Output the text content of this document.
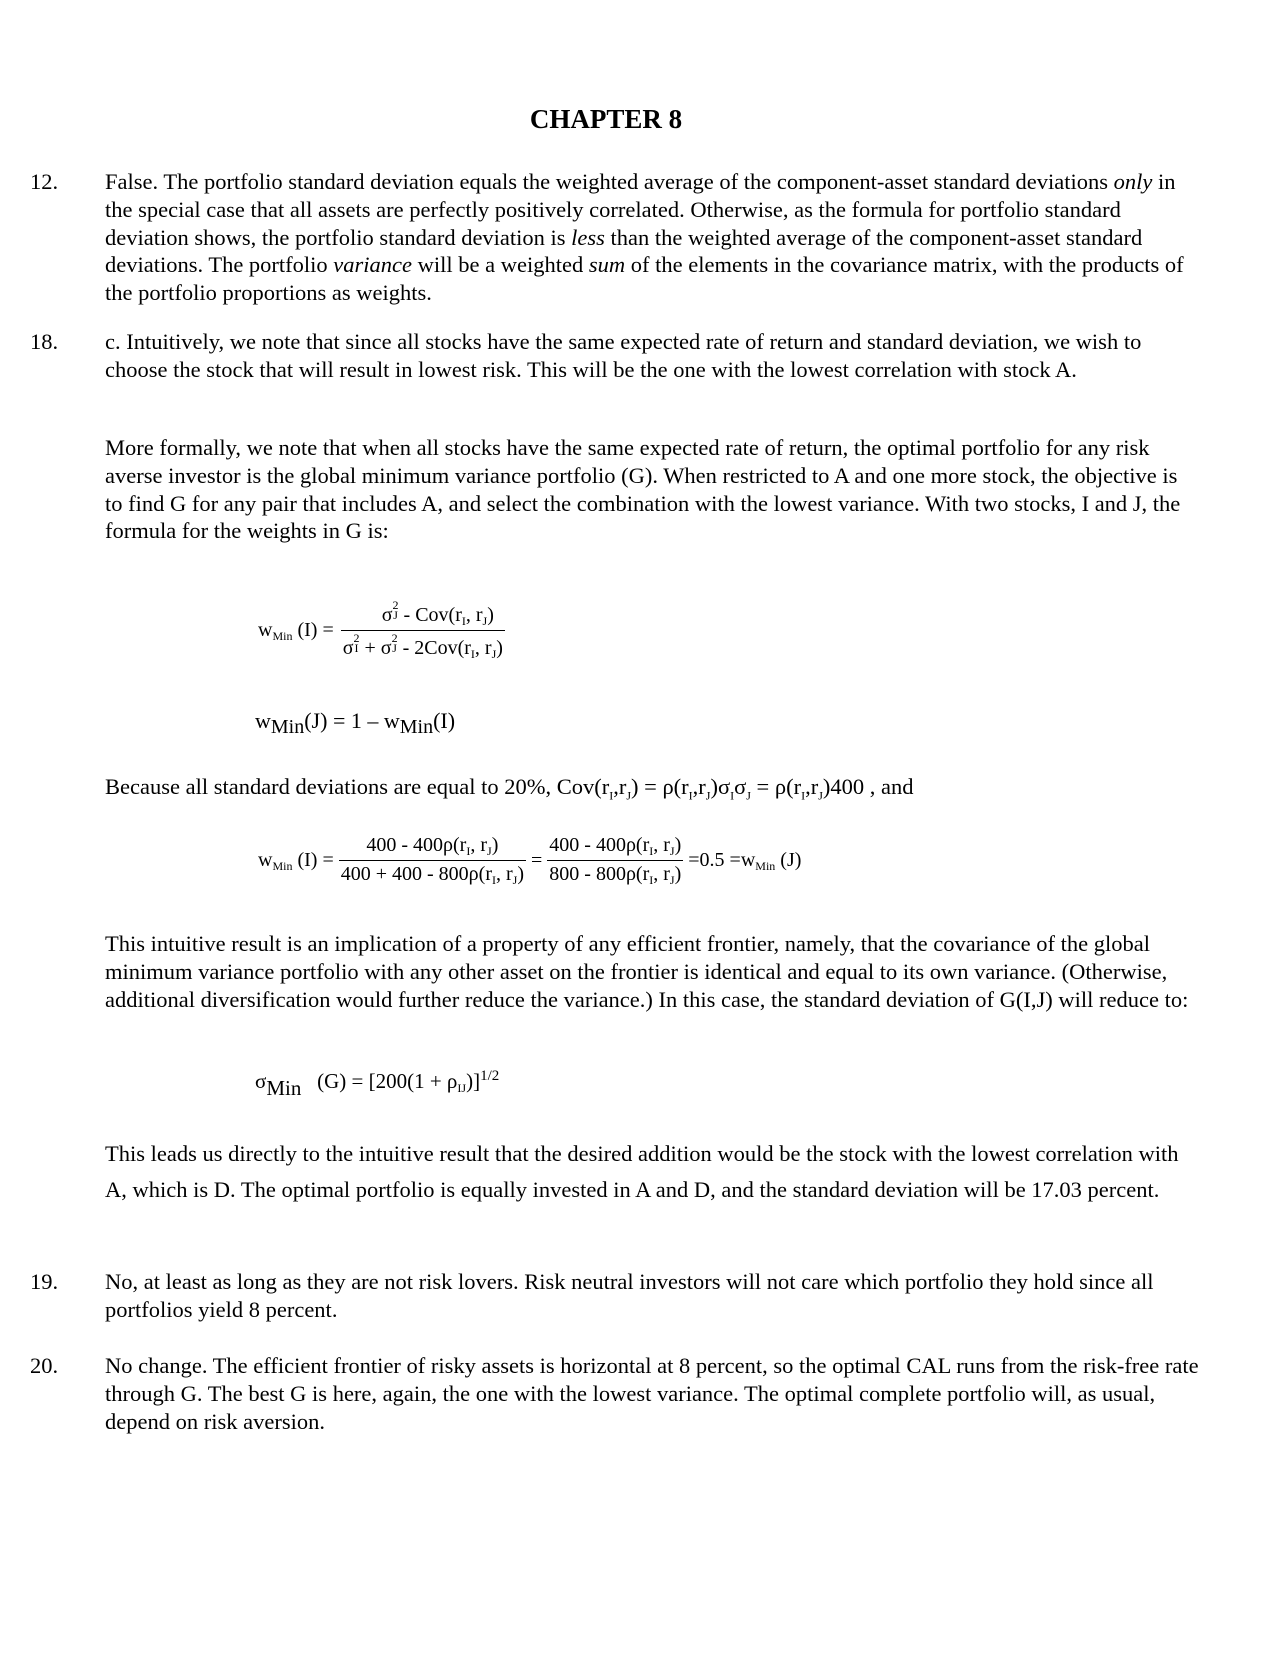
CHAPTER 8
12. False. The portfolio standard deviation equals the weighted average of the component-asset standard deviations only in the special case that all assets are perfectly positively correlated. Otherwise, as the formula for portfolio standard deviation shows, the portfolio standard deviation is less than the weighted average of the component-asset standard deviations. The portfolio variance will be a weighted sum of the elements in the covariance matrix, with the products of the portfolio proportions as weights.
18. c. Intuitively, we note that since all stocks have the same expected rate of return and standard deviation, we wish to choose the stock that will result in lowest risk. This will be the one with the lowest correlation with stock A.
More formally, we note that when all stocks have the same expected rate of return, the optimal portfolio for any risk averse investor is the global minimum variance portfolio (G). When restricted to A and one more stock, the objective is to find G for any pair that includes A, and select the combination with the lowest variance. With two stocks, I and J, the formula for the weights in G is:
$w_{Min}$ (I) =
σ2
J - $Cov(r_I$, $r_J$)
σ2
I + σ2
J - $2Cov(r_I$, $r_J$)
wMin(J) = 1 – wMin(I)
Because all standard deviations are equal to 20%, $Cov(r_I,r_J) = \rho(r_I,r_J)\sigma_I\sigma_J = \rho(r_I,r_J)400$ , and
$w_{Min}$ $(I) = \frac{400 - 400\rho(r_I, r_J)}{400 + 400 - 800\rho(r_I, r_J)} = \frac{400 - 400\rho(r_I, r_J)}{800 - 800\rho(r_I, r_J)} =0.5 =w_{Min}$ (J)
This intuitive result is an implication of a property of any efficient frontier, namely, that the covariance of the global minimum variance portfolio with any other asset on the frontier is identical and equal to its own variance. (Otherwise, additional diversification would further reduce the variance.) In this case, the standard deviation of G(I,J) will reduce to:
σMin $(G) = [200(1 + \rho IJ)]^{1/2}$
This leads us directly to the intuitive result that the desired addition would be the stock with the lowest correlation with A, which is D. The optimal portfolio is equally invested in A and D, and the standard deviation will be 17.03 percent.
19. No, at least as long as they are not risk lovers. Risk neutral investors will not care which portfolio they hold since all portfolios yield 8 percent.
20. No change. The efficient frontier of risky assets is horizontal at 8 percent, so the optimal CAL runs from the risk-free rate through G. The best G is here, again, the one with the lowest variance. The optimal complete portfolio will, as usual, depend on risk aversion.
